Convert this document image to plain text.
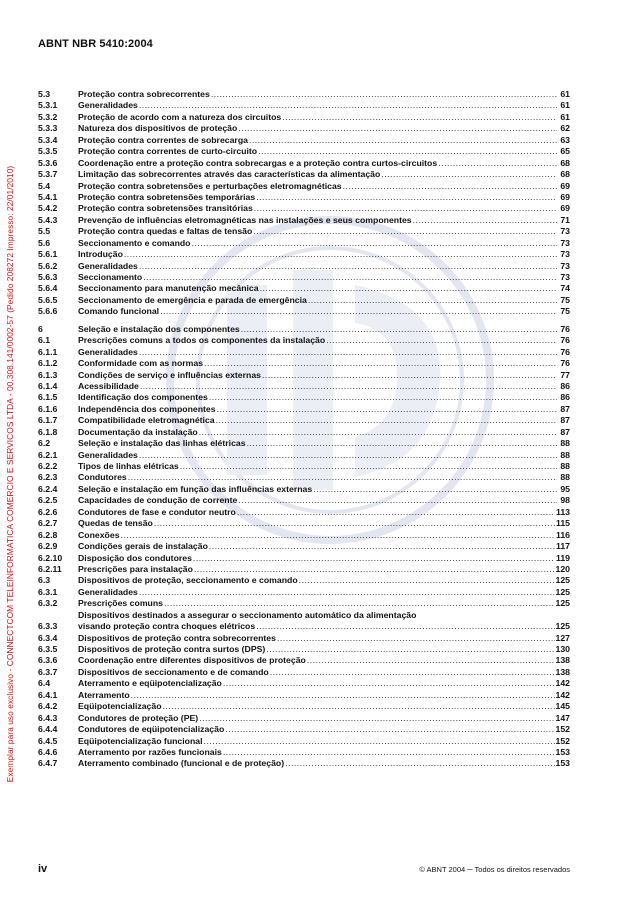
Exemplar para uso exclusivo - CONNECTCOM TELEINFORMATICA COMERCIO E SERVICOS LTDA - 00.308.141/0002-57 (Pedido 208272 Impresso: 22/01/2010)
ABNT NBR 5410:2004
5.3	Proteção contra sobrecorrentes .....	61
5.3.1	Generalidades .....	61
5.3.2	Proteção de acordo com a natureza dos circuitos .....	61
5.3.3	Natureza dos dispositivos de proteção .....	62
5.3.4	Proteção contra correntes de sobrecarga .....	63
5.3.5	Proteção contra correntes de curto-circuito .....	65
5.3.6	Coordenação entre a proteção contra sobrecargas e a proteção contra curtos-circuitos .....	68
5.3.7	Limitação das sobrecorrentes através das características da alimentação .....	68
5.4	Proteção contra sobretensões e perturbações eletromagnéticas .....	69
5.4.1	Proteção contra sobretensões temporárias .....	69
5.4.2	Proteção contra sobretensões transitórias .....	69
5.4.3	Prevenção de influências eletromagnéticas nas instalações e seus componentes .....	71
5.5	Proteção contra quedas e faltas de tensão .....	73
5.6	Seccionamento e comando .....	73
5.6.1	Introdução .....	73
5.6.2	Generalidades .....	73
5.6.3	Seccionamento .....	73
5.6.4	Seccionamento para manutenção mecânica .....	74
5.6.5	Seccionamento de emergência e parada de emergência .....	75
5.6.6	Comando funcional .....	75
6	Seleção e instalação dos componentes .....	76
6.1	Prescrições comuns a todos os componentes da instalação .....	76
6.1.1	Generalidades .....	76
6.1.2	Conformidade com as normas .....	76
6.1.3	Condições de serviço e influências externas .....	77
6.1.4	Acessibilidade .....	86
6.1.5	Identificação dos componentes .....	86
6.1.6	Independência dos componentes .....	87
6.1.7	Compatibilidade eletromagnética .....	87
6.1.8	Documentação da instalação .....	87
6.2	Seleção e instalação das linhas elétricas .....	88
6.2.1	Generalidades .....	88
6.2.2	Tipos de linhas elétricas .....	88
6.2.3	Condutores .....	88
6.2.4	Seleção e instalação em função das influências externas .....	95
6.2.5	Capacidades de condução de corrente .....	98
6.2.6	Condutores de fase e condutor neutro .....	113
6.2.7	Quedas de tensão .....	115
6.2.8	Conexões .....	116
6.2.9	Condições gerais de instalação .....	117
6.2.10	Disposição dos condutores .....	119
6.2.11	Prescrições para instalação .....	120
6.3	Dispositivos de proteção, seccionamento e comando .....	125
6.3.1	Generalidades .....	125
6.3.2	Prescrições comuns .....	125
6.3.3
Dispositivos destinados a assegurar o seccionamento automático da alimentação
visando proteção contra choques elétricos .....	125
6.3.4	Dispositivos de proteção contra sobrecorrentes .....	127
6.3.5	Dispositivos de proteção contra surtos (DPS) .....	130
6.3.6	Coordenação entre diferentes dispositivos de proteção .....	138
6.3.7	Dispositivos de seccionamento e de comando .....	138
6.4	Aterramento e eqüipotencialização .....	142
6.4.1	Aterramento .....	142
6.4.2	Eqüipotencialização .....	145
6.4.3	Condutores de proteção (PE) .....	147
6.4.4	Condutores de eqüipotencialização .....	152
6.4.5	Eqüipotencialização funcional .....	152
6.4.6	Aterramento por razões funcionais .....	153
6.4.7	Aterramento combinado (funcional e de proteção) .....	153
iv	© ABNT 2004 ─ Todos os direitos reservados
